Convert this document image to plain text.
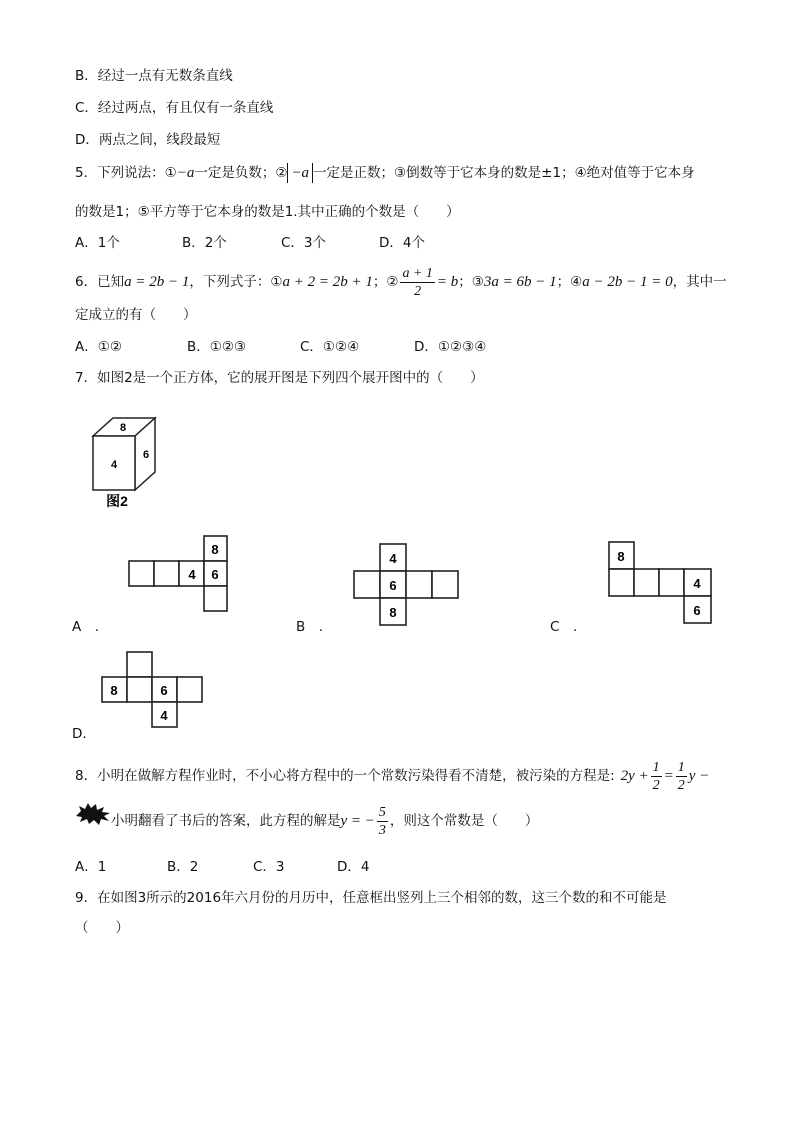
B．经过一点有无数条直线
C．经过两点，有且仅有一条直线
D．两点之间，线段最短
5．下列说法：①−a一定是负数；② −a 一定是正数；③倒数等于它本身的数是±1；④绝对值等于它本身
的数是1；⑤平方等于它本身的数是1.其中正确的个数是（　　）
A．1个	B．2个	C．3个	D．4个
6．已知a = 2b − 1，下列式子：①a + 2 = 2b + 1；② $\frac{a + 1}{2} = b$；③3a = 6b − 1；④a − 2b − 1 = 0，其中一
定成立的有（　　）
A．①②	B．①②③	C．①②④	D．①②③④
7．如图2是一个正方体，它的展开图是下列四个展开图中的（　　）
8
4
6
图2
8
4 6
A　.
4
6
8
B　.
8
4
6
C　.
8	6
4
D.
8．小明在做解方程作业时，不小心将方程中的一个常数污染得看不清楚，被污染的方程是: $2y + \frac{1}{2} = \frac{1}{2}$ y −
小明翻看了书后的答案，此方程的解是y = − $\frac{5}{3}$ ，则这个常数是（　　）
A．1	B．2	C．3	D．4
9．在如图3所示的2016年六月份的月历中，任意框出竖列上三个相邻的数，这三个数的和不可能是
（　　）
